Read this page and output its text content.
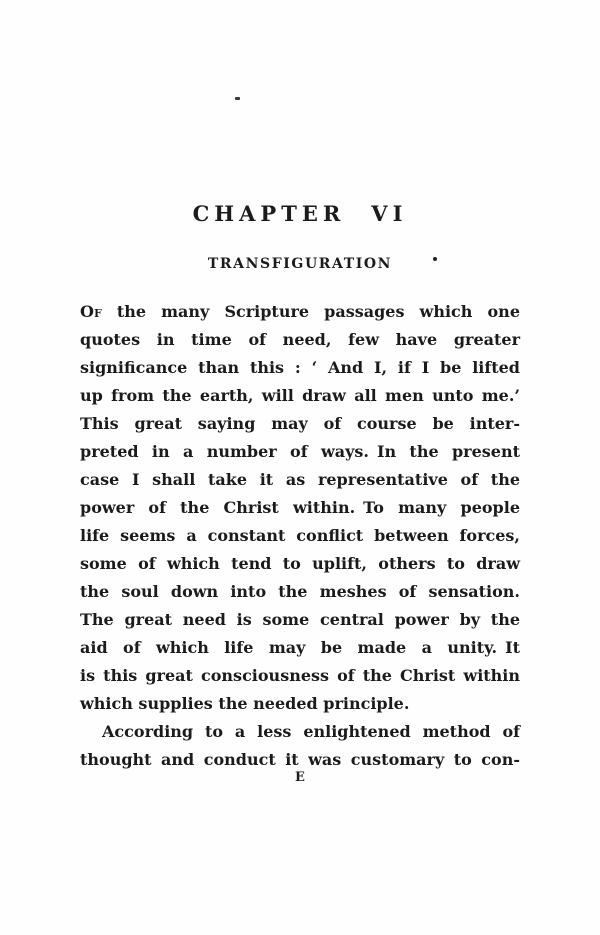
CHAPTER VI
TRANSFIGURATION
Of the many Scripture passages which one
quotes in time of need, few have greater
significance than this : ‘ And I, if I be lifted
up from the earth, will draw all men unto me.’
This great saying may of course be inter-
preted in a number of ways. In the present
case I shall take it as representative of the
power of the Christ within. To many people
life seems a constant conflict between forces,
some of which tend to uplift, others to draw
the soul down into the meshes of sensation.
The great need is some central power by the
aid of which life may be made a unity. It
is this great consciousness of the Christ within
which supplies the needed principle.
According to a less enlightened method of
thought and conduct it was customary to con-
E
